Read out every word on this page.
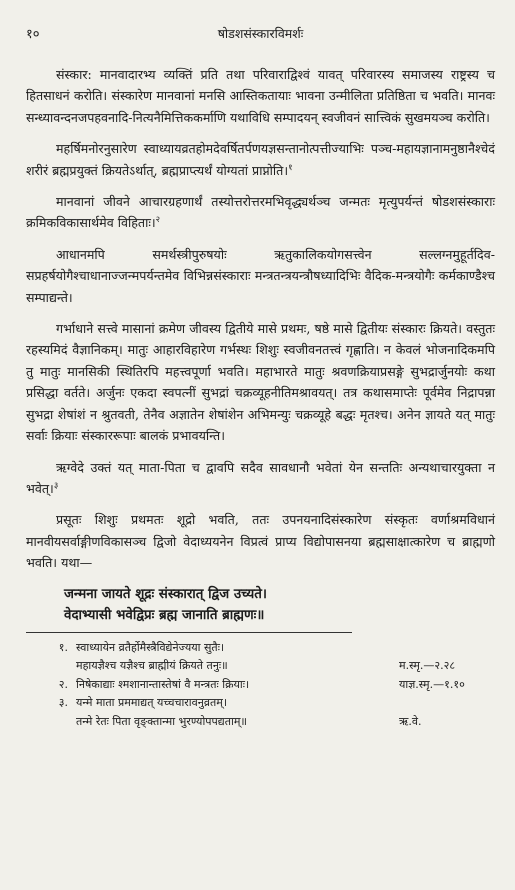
१०	षोडशसंस्कारविमर्शः

संस्कार: मानवादारभ्य व्यक्तिं प्रति तथा परिवाराद्विश्वं यावत् परिवारस्य समाजस्य राष्ट्रस्य च हितसाधनं करोति। संस्कारेण मानवानां मनसि आस्तिकतायाः भावना उन्मीलिता प्रतिष्ठिता च भवति। मानवः सन्ध्यावन्दनजपहवनादि-नित्यनैमित्तिककर्माणि यथाविधि सम्पादयन् स्वजीवनं सात्त्विकं सुखमयञ्च करोति।

महर्षिमनोरनुसारेण स्वाध्यायव्रतहोमदेवर्षितर्पणयज्ञसन्तानोत्पत्तीज्याभिः पञ्च-महायज्ञानामनुष्ठानैश्चेदं शरीरं ब्रह्मप्रयुक्तं क्रियतेऽर्थात्, ब्रह्मप्राप्त्यर्थं योग्यतां प्राप्नोति।$^१$

मानवानां जीवने आचारग्रहणार्थं तस्योत्तरोत्तरमभिवृद्ध्यर्थञ्च जन्मतः मृत्युपर्यन्तं षोडशसंस्काराः क्रमिकविकासार्थमेव विहिताः।$^२$

आधानमपि समर्थस्त्रीपुरुषयोः ऋतुकालिकयोगसत्त्वेन सल्लग्नमुहूर्तदिव-सप्रहर्षयोगैश्चाधानाज्जन्मपर्यन्तमेव विभिन्नसंस्काराः मन्त्रतन्त्रयन्त्रौषध्यादिभिः वैदिक-मन्त्रयोगैः कर्मकाण्डैश्च सम्पाद्यन्ते।

गर्भाधाने सत्त्वे मासानां क्रमेण जीवस्य द्वितीये मासे प्रथमः, षष्ठे मासे द्वितीयः संस्कारः क्रियते। वस्तुतः रहस्यमिदं वैज्ञानिकम्। मातुः आहारविहारेण गर्भस्थः शिशुः स्वजीवनतत्त्वं गृह्णाति। न केवलं भोजनादिकमपि तु मातुः मानसिकी स्थितिरपि महत्त्वपूर्णा भवति। महाभारते मातुः श्रवणक्रियाप्रसङ्गे सुभद्रार्जुनयोः कथा प्रसिद्धा वर्तते। अर्जुनः एकदा स्वपत्नीं सुभद्रां चक्रव्यूहनीतिमश्रावयत्। तत्र कथासमाप्तेः पूर्वमेव निद्रापन्ना सुभद्रा शेषांशं न श्रुतवती, तेनैव अज्ञातेन शेषांशेन अभिमन्युः चक्रव्यूहे बद्धः मृतश्च। अनेन ज्ञायते यत् मातुः सर्वाः क्रियाः संस्काररूपाः बालकं प्रभावयन्ति।

ऋग्वेदे उक्तं यत् माता-पिता च द्वावपि सदैव सावधानौ भवेतां येन सन्ततिः अन्यथाचारयुक्ता न भवेत्।$^३$

प्रसूतः शिशुः प्रथमतः शूद्रो भवति, ततः उपनयनादिसंस्कारेण संस्कृतः वर्णाश्रमविधानं मानवीयसर्वाङ्गीणविकासञ्च द्विजो वेदाध्ययनेन विप्रत्वं प्राप्य विद्योपासनया ब्रह्मसाक्षात्कारेण च ब्राह्मणो भवति। यथा—

जन्मना जायते शूद्रः संस्कारात् द्विज उच्यते।
वेदाभ्यासी भवेद्विप्रः ब्रह्म जानाति ब्राह्मणः॥
१. स्वाध्यायेन व्रतैर्होमैस्त्रैविद्येनेज्यया सुतैः।
महायज्ञैश्च यज्ञैश्च ब्राह्मीयं क्रियते तनुः॥	म.स्मृ.—२.२८
२. निषेकाद्याः श्मशानान्तास्तेषां वै मन्त्रतः क्रियाः।	याज्ञ.स्मृ.—१.१०
३. यन्मे माता प्रममाद्यत् यच्चचारावनुव्रतम्।
तन्मे रेतः पिता वृङ्क्तान्मा भुरण्योपपद्यताम्॥	ऋ.वे.
